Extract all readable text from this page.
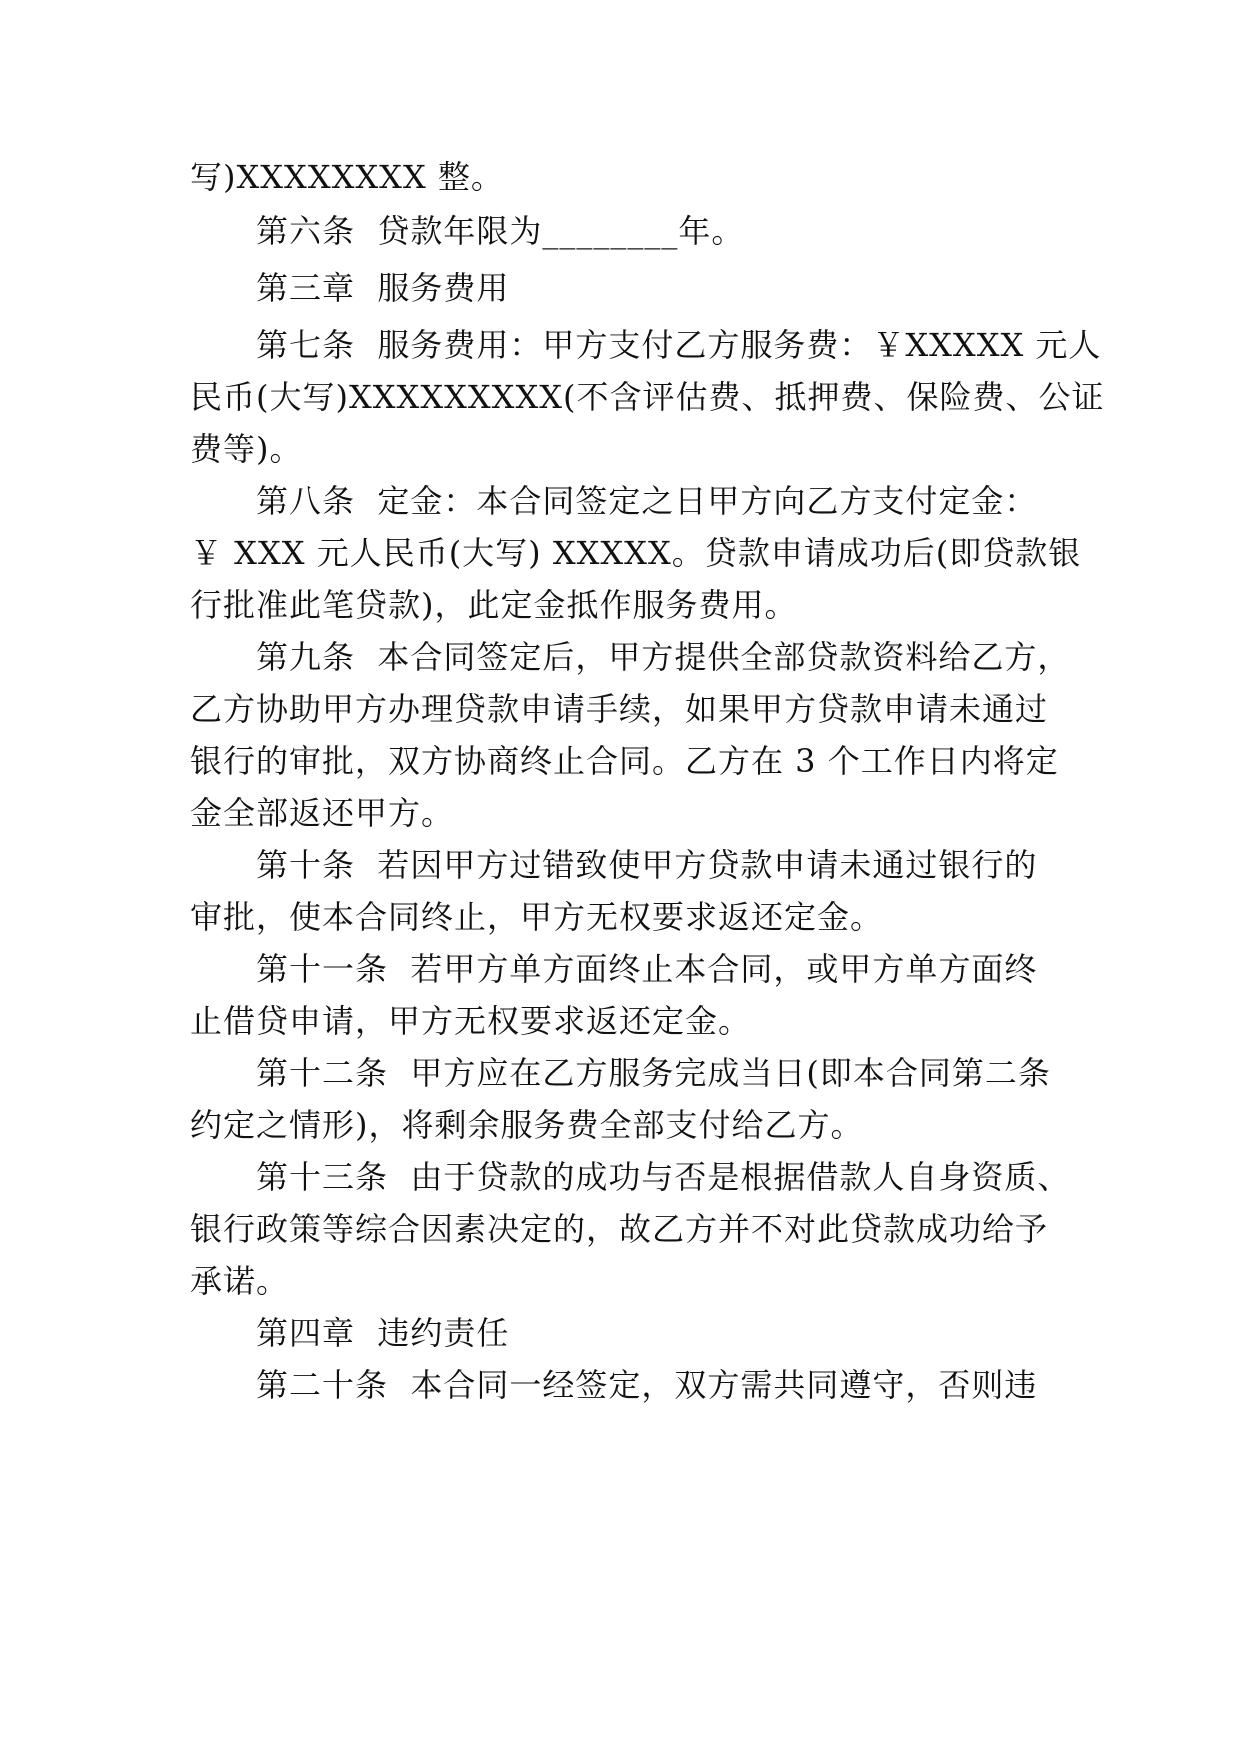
写)XXXXXXXX 整。
第六条  贷款年限为________年。
第三章  服务费用
第七条  服务费用：甲方支付乙方服务费：￥XXXXX 元人
民币(大写)XXXXXXXXX(不含评估费、抵押费、保险费、公证
费等)。
第八条  定金：本合同签定之日甲方向乙方支付定金：
￥ XXX 元人民币(大写) XXXXX。贷款申请成功后(即贷款银
行批准此笔贷款)，此定金抵作服务费用。
第九条  本合同签定后，甲方提供全部贷款资料给乙方，
乙方协助甲方办理贷款申请手续，如果甲方贷款申请未通过
银行的审批，双方协商终止合同。乙方在 3 个工作日内将定
金全部返还甲方。
第十条  若因甲方过错致使甲方贷款申请未通过银行的
审批，使本合同终止，甲方无权要求返还定金。
第十一条  若甲方单方面终止本合同，或甲方单方面终
止借贷申请，甲方无权要求返还定金。
第十二条  甲方应在乙方服务完成当日(即本合同第二条
约定之情形)，将剩余服务费全部支付给乙方。
第十三条  由于贷款的成功与否是根据借款人自身资质、
银行政策等综合因素决定的，故乙方并不对此贷款成功给予
承诺。
第四章  违约责任
第二十条  本合同一经签定，双方需共同遵守，否则违
